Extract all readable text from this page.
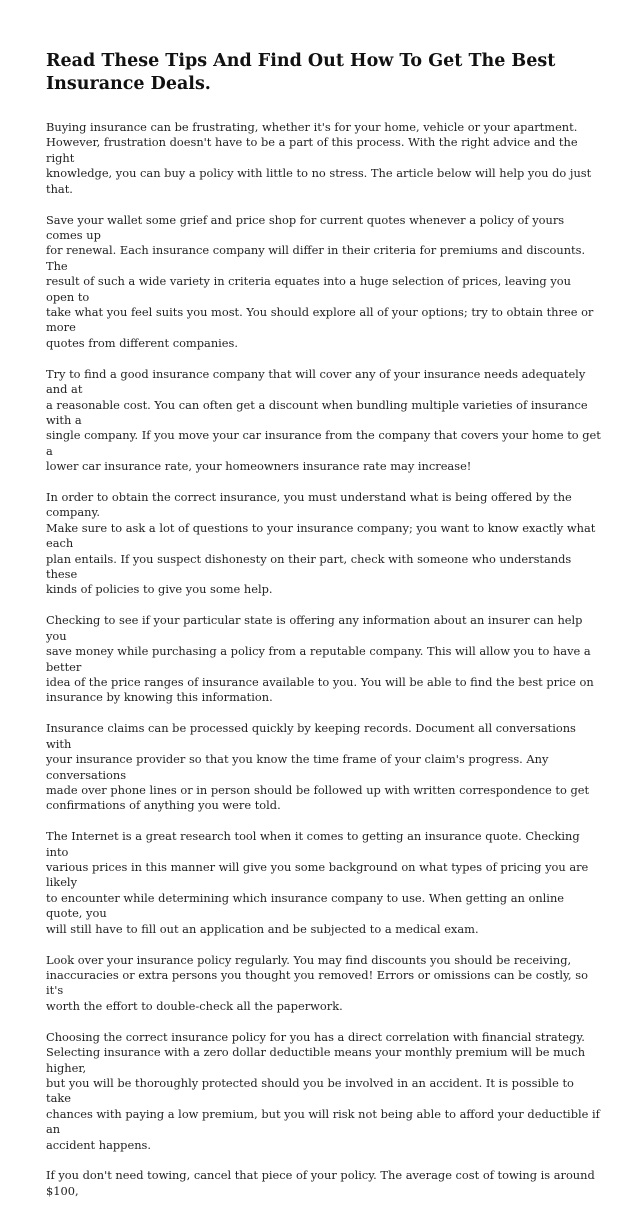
Read These Tips And Find Out How To Get The Best
Insurance Deals.

Buying insurance can be frustrating, whether it's for your home, vehicle or your apartment.
However, frustration doesn't have to be a part of this process. With the right advice and the right
knowledge, you can buy a policy with little to no stress. The article below will help you do just that.

Save your wallet some grief and price shop for current quotes whenever a policy of yours comes up
for renewal. Each insurance company will differ in their criteria for premiums and discounts. The
result of such a wide variety in criteria equates into a huge selection of prices, leaving you open to
take what you feel suits you most. You should explore all of your options; try to obtain three or more
quotes from different companies.

Try to find a good insurance company that will cover any of your insurance needs adequately and at
a reasonable cost. You can often get a discount when bundling multiple varieties of insurance with a
single company. If you move your car insurance from the company that covers your home to get a
lower car insurance rate, your homeowners insurance rate may increase!

In order to obtain the correct insurance, you must understand what is being offered by the company.
Make sure to ask a lot of questions to your insurance company; you want to know exactly what each
plan entails. If you suspect dishonesty on their part, check with someone who understands these
kinds of policies to give you some help.

Checking to see if your particular state is offering any information about an insurer can help you
save money while purchasing a policy from a reputable company. This will allow you to have a better
idea of the price ranges of insurance available to you. You will be able to find the best price on
insurance by knowing this information.

Insurance claims can be processed quickly by keeping records. Document all conversations with
your insurance provider so that you know the time frame of your claim's progress. Any conversations
made over phone lines or in person should be followed up with written correspondence to get
confirmations of anything you were told.

The Internet is a great research tool when it comes to getting an insurance quote. Checking into
various prices in this manner will give you some background on what types of pricing you are likely
to encounter while determining which insurance company to use. When getting an online quote, you
will still have to fill out an application and be subjected to a medical exam.

Look over your insurance policy regularly. You may find discounts you should be receiving,
inaccuracies or extra persons you thought you removed! Errors or omissions can be costly, so it's
worth the effort to double-check all the paperwork.

Choosing the correct insurance policy for you has a direct correlation with financial strategy.
Selecting insurance with a zero dollar deductible means your monthly premium will be much higher,
but you will be thoroughly protected should you be involved in an accident. It is possible to take
chances with paying a low premium, but you will risk not being able to afford your deductible if an
accident happens.

If you don't need towing, cancel that piece of your policy. The average cost of towing is around $100,
